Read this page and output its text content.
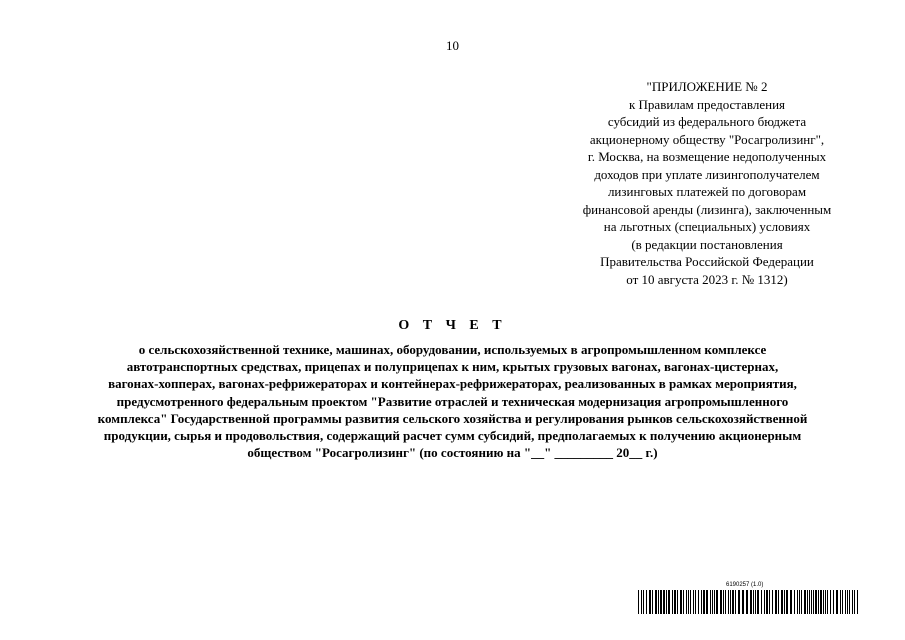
10
"ПРИЛОЖЕНИЕ № 2
к Правилам предоставления
субсидий из федерального бюджета
акционерному обществу "Росагролизинг",
г. Москва, на возмещение недополученных
доходов при уплате лизингополучателем
лизинговых платежей по договорам
финансовой аренды (лизинга), заключенным
на льготных (специальных) условиях
(в редакции постановления
Правительства Российской Федерации
от 10 августа 2023 г. № 1312)
О Т Ч Е Т
о сельскохозяйственной технике, машинах, оборудовании, используемых в агропромышленном комплексе
автотранспортных средствах, прицепах и полуприцепах к ним, крытых грузовых вагонах, вагонах-цистернах,
вагонах-хопперах, вагонах-рефрижераторах и контейнерах-рефрижераторах, реализованных в рамках мероприятия,
предусмотренного федеральным проектом "Развитие отраслей и техническая модернизация агропромышленного
комплекса" Государственной программы развития сельского хозяйства и регулирования рынков сельскохозяйственной
продукции, сырья и продовольствия, содержащий расчет сумм субсидий, предполагаемых к получению акционерным
обществом "Росагролизинг" (по состоянию на "__" _________ 20__ г.)
6190257 (1.0)
